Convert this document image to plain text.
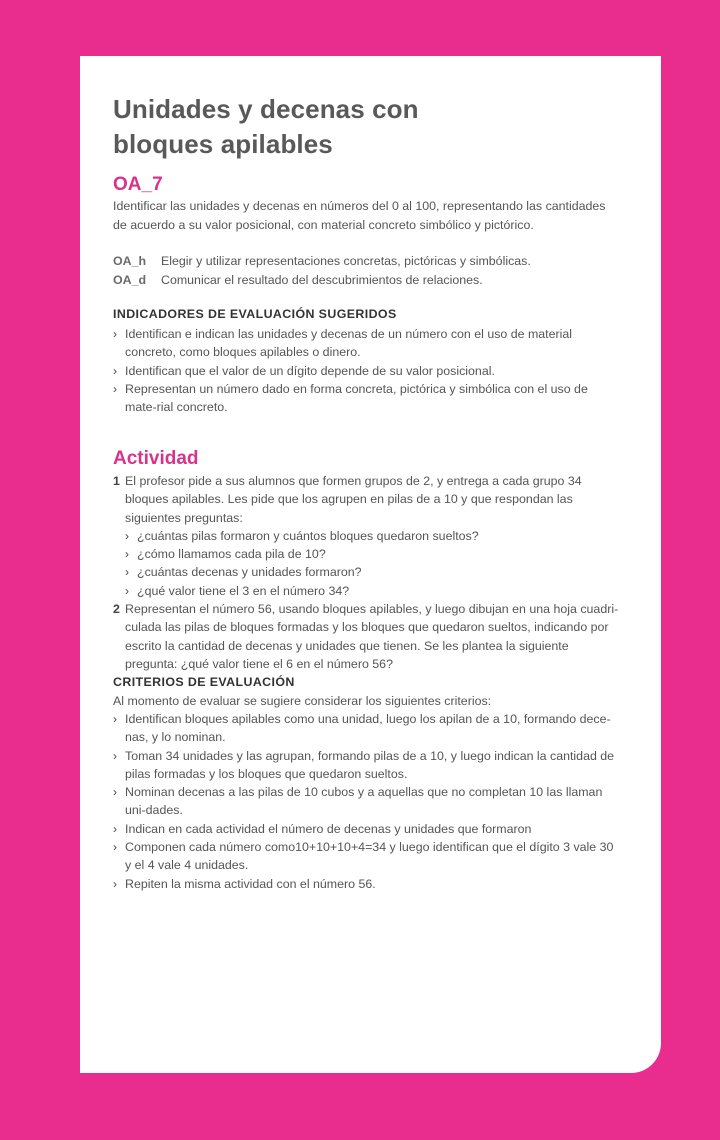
Unidades y decenas con
bloques apilables
OA_7

Identificar las unidades y decenas en números del 0 al 100, representando las cantidades de acuerdo a su valor posicional, con material concreto simbólico y pictórico.

OA_h	Elegir y utilizar representaciones concretas, pictóricas y simbólicas.
OA_d	Comunicar el resultado del descubrimientos de relaciones.
INDICADORES DE EVALUACIÓN SUGERIDOS
› Identifican e indican las unidades y decenas de un número con el uso de material concreto, como bloques apilables o dinero.
› Identifican que el valor de un dígito depende de su valor posicional.
› Representan un número dado en forma concreta, pictórica y simbólica con el uso de mate-rial concreto.
Actividad
1 El profesor pide a sus alumnos que formen grupos de 2, y entrega a cada grupo 34 bloques apilables. Les pide que los agrupen en pilas de a 10 y que respondan las siguientes preguntas:
› ¿cuántas pilas formaron y cuántos bloques quedaron sueltos?
› ¿cómo llamamos cada pila de 10?
› ¿cuántas decenas y unidades formaron?
› ¿qué valor tiene el 3 en el número 34?
2 Representan el número 56, usando bloques apilables, y luego dibujan en una hoja cuadri-culada las pilas de bloques formadas y los bloques que quedaron sueltos, indicando por escrito la cantidad de decenas y unidades que tienen. Se les plantea la siguiente pregunta: ¿qué valor tiene el 6 en el número 56?
CRITERIOS DE EVALUACIÓN

Al momento de evaluar se sugiere considerar los siguientes criterios:

› Identifican bloques apilables como una unidad, luego los apilan de a 10, formando dece-nas, y lo nominan.
› Toman 34 unidades y las agrupan, formando pilas de a 10, y luego indican la cantidad de pilas formadas y los bloques que quedaron sueltos.
› Nominan decenas a las pilas de 10 cubos y a aquellas que no completan 10 las llaman uni-dades.
› Indican en cada actividad el número de decenas y unidades que formaron
› Componen cada número como10+10+10+4=34 y luego identifican que el dígito 3 vale 30 y el 4 vale 4 unidades.
› Repiten la misma actividad con el número 56.
